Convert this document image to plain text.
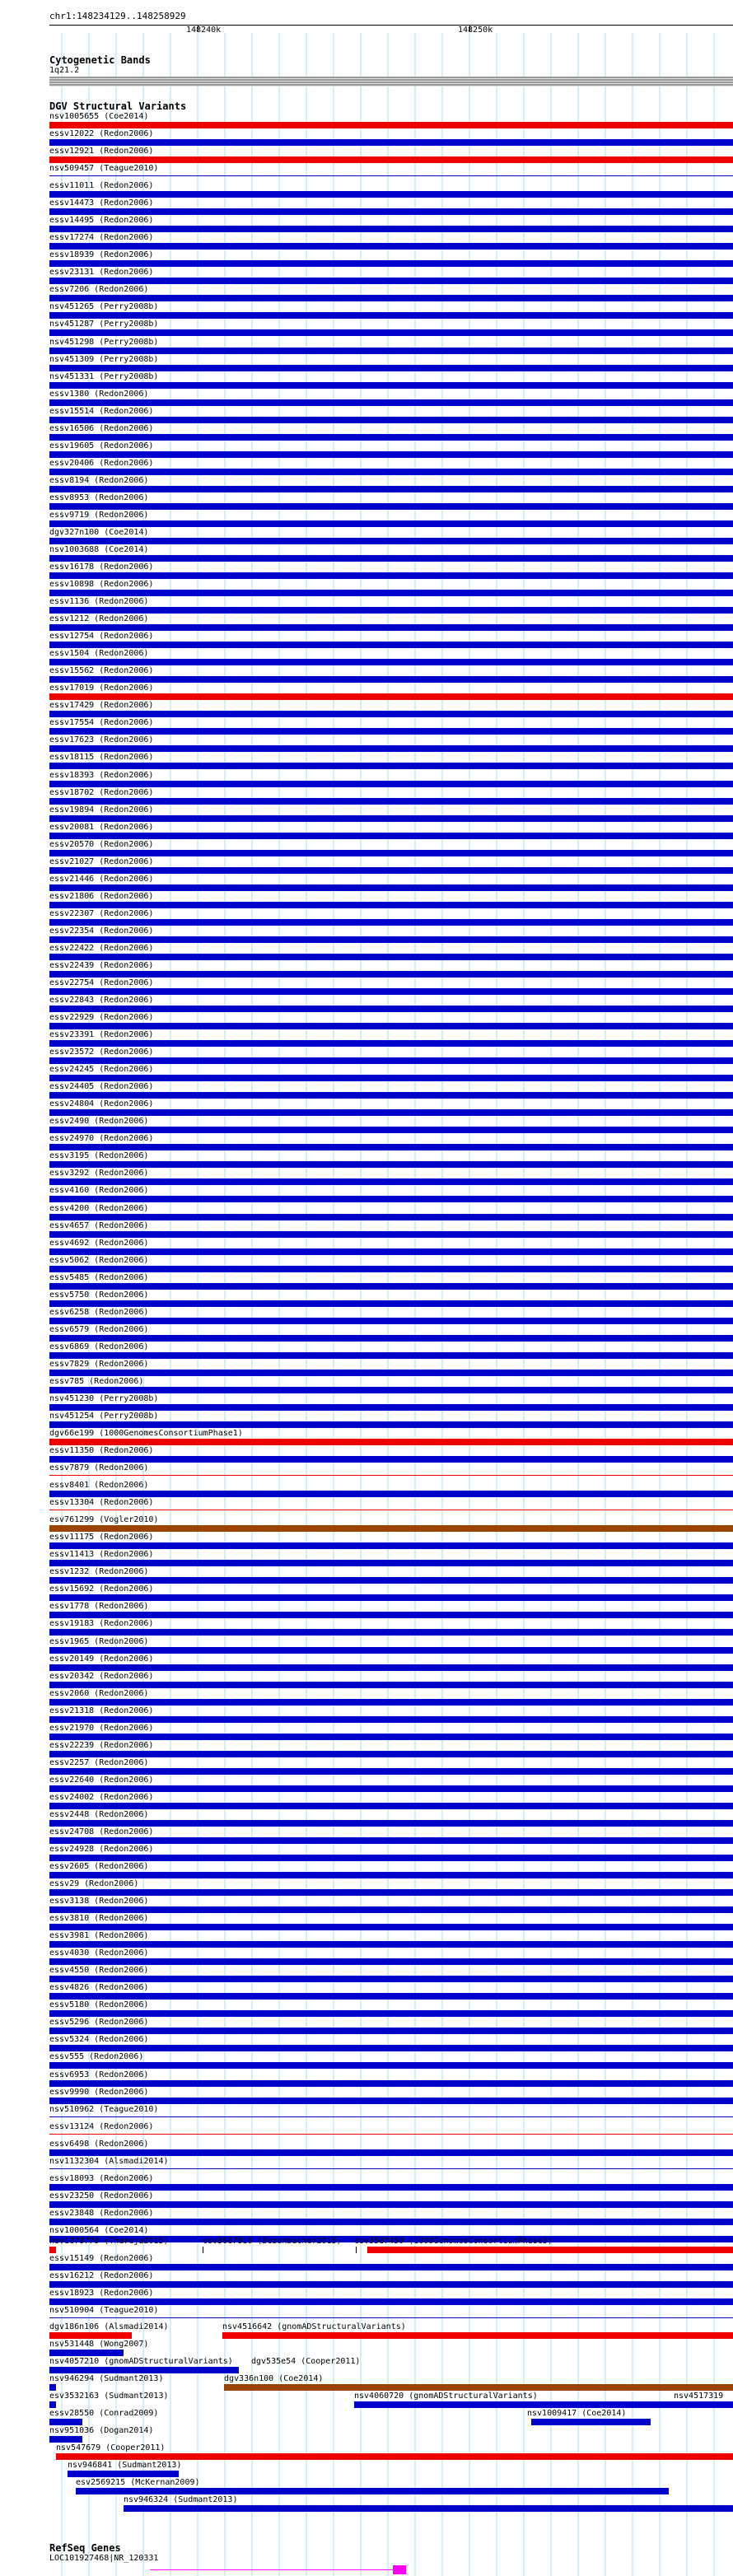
chr1:148234129..148258929
148240k	148250k
Cytogenetic Bands
1q21.2
DGV Structural Variants
nsv1005655 (Coe2014)
essv12022 (Redon2006)
essv12921 (Redon2006)
nsv509457 (Teague2010)
essv11011 (Redon2006)
essv14473 (Redon2006)
essv14495 (Redon2006)
essv17274 (Redon2006)
essv18939 (Redon2006)
essv23131 (Redon2006)
essv7206 (Redon2006)
nsv451265 (Perry2008b)
nsv451287 (Perry2008b)
nsv451298 (Perry2008b)
nsv451309 (Perry2008b)
nsv451331 (Perry2008b)
essv1380 (Redon2006)
essv15514 (Redon2006)
essv16506 (Redon2006)
essv19605 (Redon2006)
essv20406 (Redon2006)
essv8194 (Redon2006)
essv8953 (Redon2006)
essv9719 (Redon2006)
dgv327n100 (Coe2014)
nsv1003688 (Coe2014)
essv16178 (Redon2006)
essv10898 (Redon2006)
essv1136 (Redon2006)
essv1212 (Redon2006)
essv12754 (Redon2006)
essv1504 (Redon2006)
essv15562 (Redon2006)
essv17019 (Redon2006)
essv17429 (Redon2006)
essv17554 (Redon2006)
essv17623 (Redon2006)
essv18115 (Redon2006)
essv18393 (Redon2006)
essv18702 (Redon2006)
essv19894 (Redon2006)
essv20081 (Redon2006)
essv20570 (Redon2006)
essv21027 (Redon2006)
essv21446 (Redon2006)
essv21806 (Redon2006)
essv22307 (Redon2006)
essv22354 (Redon2006)
essv22422 (Redon2006)
essv22439 (Redon2006)
essv22754 (Redon2006)
essv22843 (Redon2006)
essv22929 (Redon2006)
essv23391 (Redon2006)
essv23572 (Redon2006)
essv24245 (Redon2006)
essv24405 (Redon2006)
essv24804 (Redon2006)
essv2490 (Redon2006)
essv24970 (Redon2006)
essv3195 (Redon2006)
essv3292 (Redon2006)
essv4160 (Redon2006)
essv4200 (Redon2006)
essv4657 (Redon2006)
essv4692 (Redon2006)
essv5062 (Redon2006)
essv5485 (Redon2006)
essv5750 (Redon2006)
essv6258 (Redon2006)
essv6579 (Redon2006)
essv6869 (Redon2006)
essv7829 (Redon2006)
essv785 (Redon2006)
nsv451230 (Perry2008b)
nsv451254 (Perry2008b)
dgv66e199 (1000GenomesConsortiumPhase1)
essv11350 (Redon2006)
essv7879 (Redon2006)
essv8401 (Redon2006)
essv13304 (Redon2006)
esv761299 (Vogler2010)
essv11175 (Redon2006)
essv11413 (Redon2006)
essv1232 (Redon2006)
essv15692 (Redon2006)
essv1778 (Redon2006)
essv19183 (Redon2006)
essv1965 (Redon2006)
essv20149 (Redon2006)
essv20342 (Redon2006)
essv2060 (Redon2006)
essv21318 (Redon2006)
essv21970 (Redon2006)
essv22239 (Redon2006)
essv2257 (Redon2006)
essv22640 (Redon2006)
essv24002 (Redon2006)
essv2448 (Redon2006)
essv24708 (Redon2006)
essv24928 (Redon2006)
essv2605 (Redon2006)
essv29 (Redon2006)
essv3138 (Redon2006)
essv3810 (Redon2006)
essv3981 (Redon2006)
essv4030 (Redon2006)
essv4550 (Redon2006)
essv4826 (Redon2006)
essv5180 (Redon2006)
essv5296 (Redon2006)
essv5324 (Redon2006)
essv555 (Redon2006)
essv6953 (Redon2006)
essv9990 (Redon2006)
nsv510962 (Teague2010)
essv13124 (Redon2006)
essv6498 (Redon2006)
nsv1132304 (Alsmadi2014)
essv18093 (Redon2006)
essv23250 (Redon2006)
essv23848 (Redon2006)
nsv1000564 (Coe2014)
nsv1078778 (Thareja2015)	esv3667816 (Bezenbacher2015) esv3587450 (1000GenomesConsortiumPhase3)
essv15149 (Redon2006)
essv16212 (Redon2006)
essv18923 (Redon2006)
nsv510904 (Teague2010)
dgv186n106 (Alsmadi2014)	nsv4516642 (gnomADStructuralVariants)
nsv531448 (Wong2007)
nsv4057210 (gnomADStructuralVariants) dgv535e54 (Cooper2011)
nsv946294 (Sudmant2013)	dgv336n100 (Coe2014)
esv3532163 (Sudmant2013)	nsv4060720 (gnomADStructuralVariants)	nsv4517319
essv28550 (Conrad2009)	nsv1009417 (Coe2014)
nsv951036 (Dogan2014)
nsv547679 (Cooper2011)
nsv946841 (Sudmant2013)
esv2569215 (McKernan2009)
nsv946324 (Sudmant2013)
RefSeq Genes
LOC101927468|NR_120331
